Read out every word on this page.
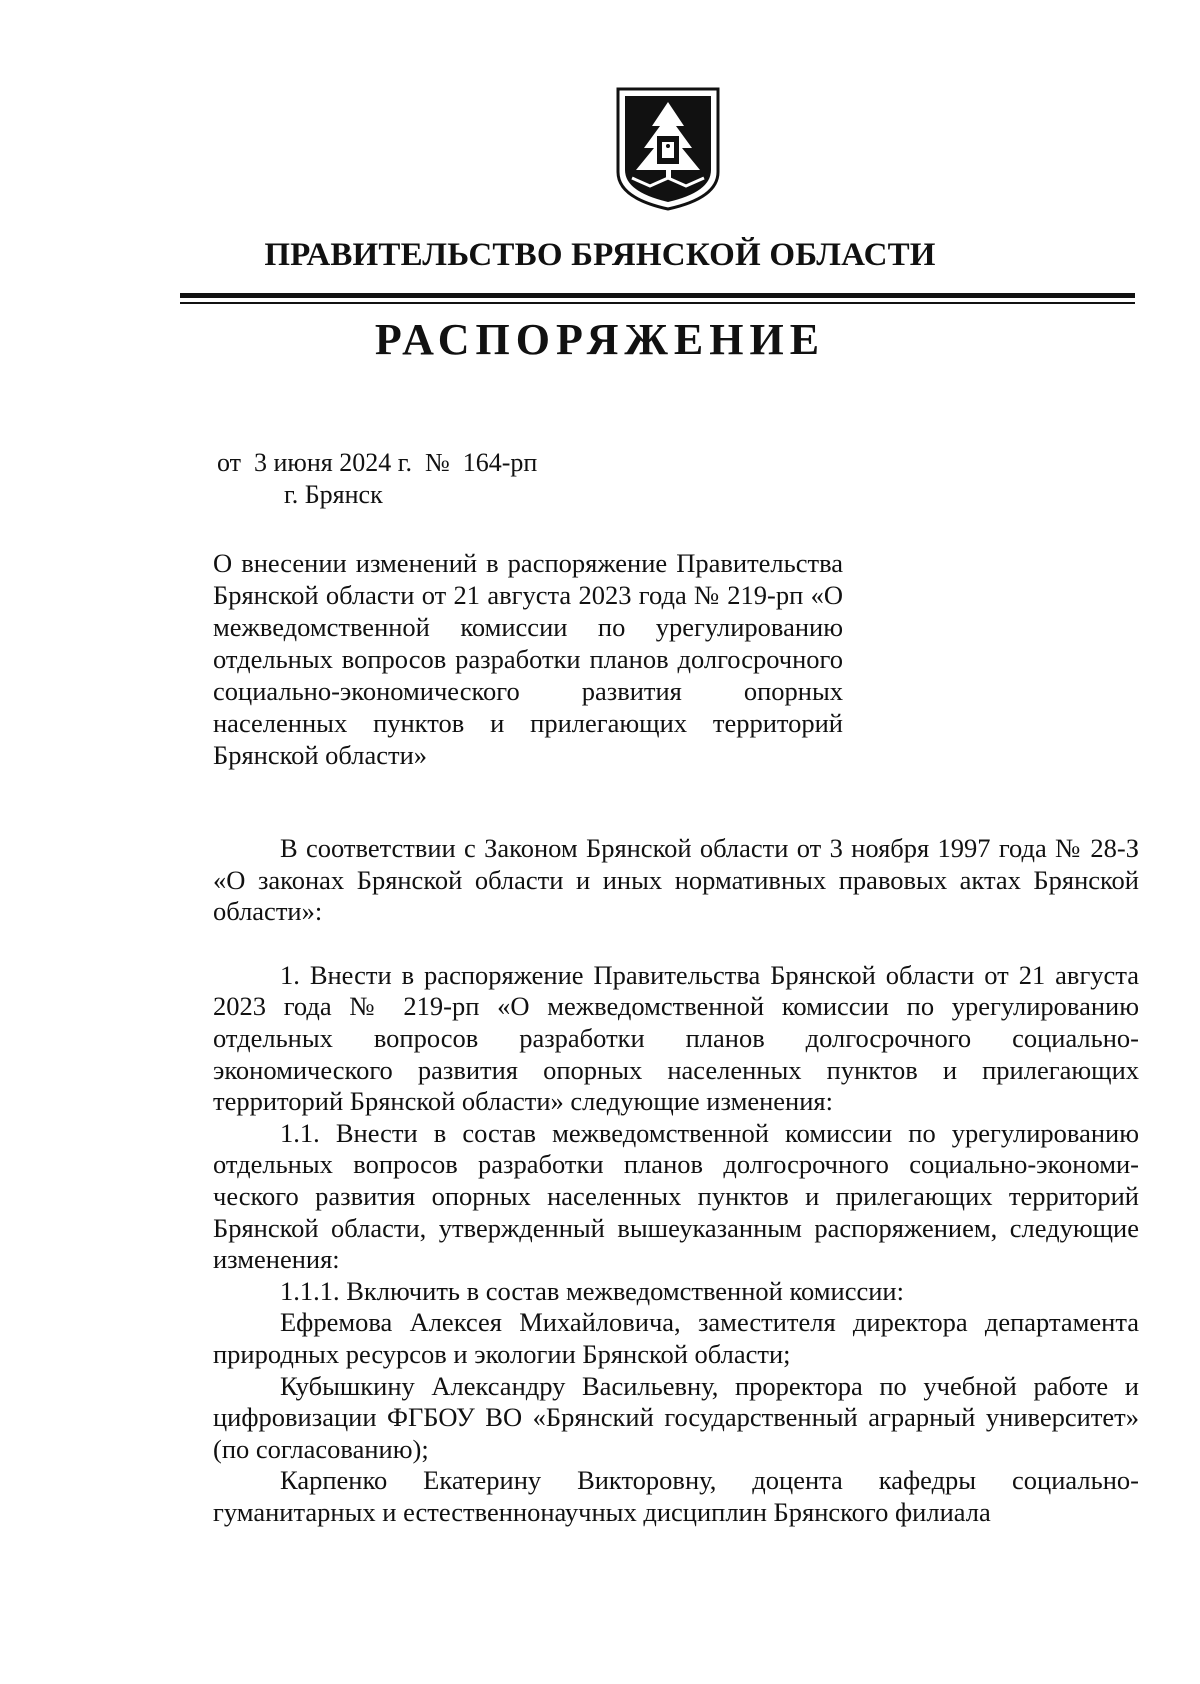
ПРАВИТЕЛЬСТВО БРЯНСКОЙ ОБЛАСТИ
РАСПОРЯЖЕНИЕ
от  3 июня 2024 г.  №  164-рп
г. Брянск
О внесении изменений в распоряжение Правительства Брянской области от 21 августа 2023 года № 219-рп «О межведомственной комиссии по урегулированию отдельных вопросов разработки планов долгосрочного социально-экономического развития опорных населенных пунктов и прилегающих территорий Брянской области»

В соответствии с Законом Брянской области от 3 ноября 1997 года № 28-З «О законах Брянской области и иных нормативных правовых актах Брянской области»:

1. Внести в распоряжение Правительства Брянской области от 21 августа 2023 года № 219-рп «О межведомственной комиссии по урегулированию отдельных вопросов разработки планов долгосрочного социально-экономического развития опорных населенных пунктов и прилегающих территорий Брянской области» следующие изменения:

1.1. Внести в состав межведомственной комиссии по урегулированию отдельных вопросов разработки планов долгосрочного социально-экономического развития опорных населенных пунктов и прилегающих территорий Брянской области, утвержденный вышеуказанным распоряжением, следующие изменения:

1.1.1. Включить в состав межведомственной комиссии:

Ефремова Алексея Михайловича, заместителя директора департамента природных ресурсов и экологии Брянской области;

Кубышкину Александру Васильевну, проректора по учебной работе и цифровизации ФГБОУ ВО «Брянский государственный аграрный университет» (по согласованию);

Карпенко Екатерину Викторовну, доцента кафедры социально-гуманитарных и естественнонаучных дисциплин Брянского филиала
